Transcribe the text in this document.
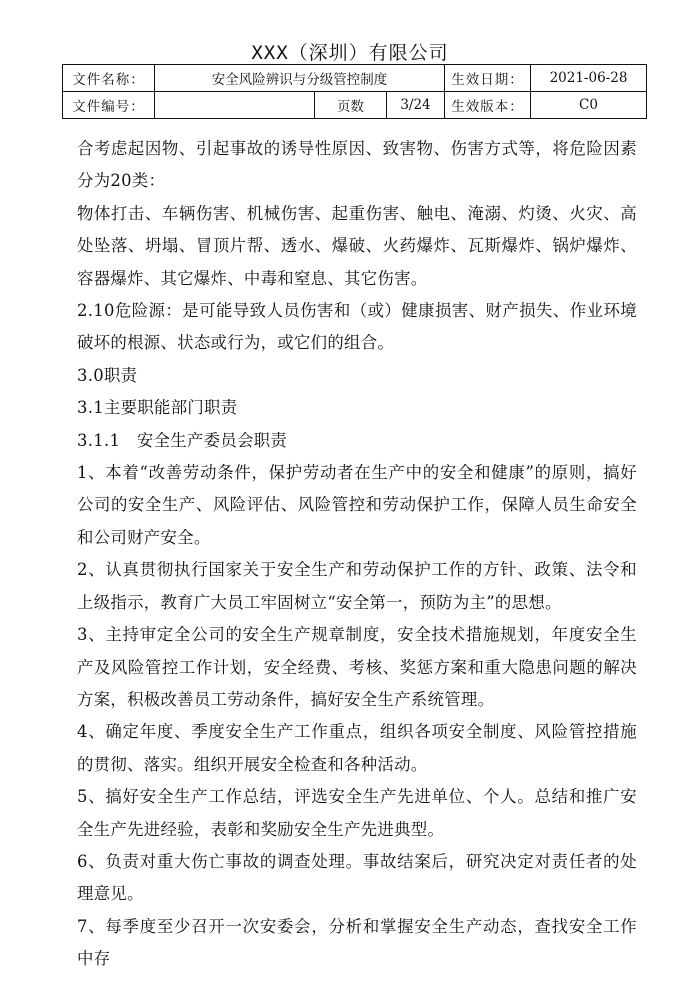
XXX（深圳）有限公司
文件名称：	安全风险辨识与分级管控制度			生效日期：	2021-06-28
文件编号：		页数	3/24	生效版本：	C0

合考虑起因物、引起事故的诱导性原因、致害物、伤害方式等，将危险因素分为20类：

物体打击、车辆伤害、机械伤害、起重伤害、触电、淹溺、灼烫、火灾、高处坠落、坍塌、冒顶片帮、透水、爆破、火药爆炸、瓦斯爆炸、锅炉爆炸、容器爆炸、其它爆炸、中毒和窒息、其它伤害。

2.10危险源：是可能导致人员伤害和（或）健康损害、财产损失、作业环境破坏的根源、状态或行为，或它们的组合。

3.0职责

3.1主要职能部门职责

3.1.1　安全生产委员会职责

1、本着“改善劳动条件，保护劳动者在生产中的安全和健康”的原则，搞好公司的安全生产、风险评估、风险管控和劳动保护工作，保障人员生命安全和公司财产安全。

2、认真贯彻执行国家关于安全生产和劳动保护工作的方针、政策、法令和上级指示，教育广大员工牢固树立“安全第一，预防为主”的思想。

3、主持审定全公司的安全生产规章制度，安全技术措施规划，年度安全生产及风险管控工作计划，安全经费、考核、奖惩方案和重大隐患问题的解决方案，积极改善员工劳动条件，搞好安全生产系统管理。

4、确定年度、季度安全生产工作重点，组织各项安全制度、风险管控措施的贯彻、落实。组织开展安全检查和各种活动。

5、搞好安全生产工作总结，评选安全生产先进单位、个人。总结和推广安全生产先进经验，表彰和奖励安全生产先进典型。

6、负责对重大伤亡事故的调查处理。事故结案后，研究决定对责任者的处理意见。

7、每季度至少召开一次安委会，分析和掌握安全生产动态，查找安全工作中存
